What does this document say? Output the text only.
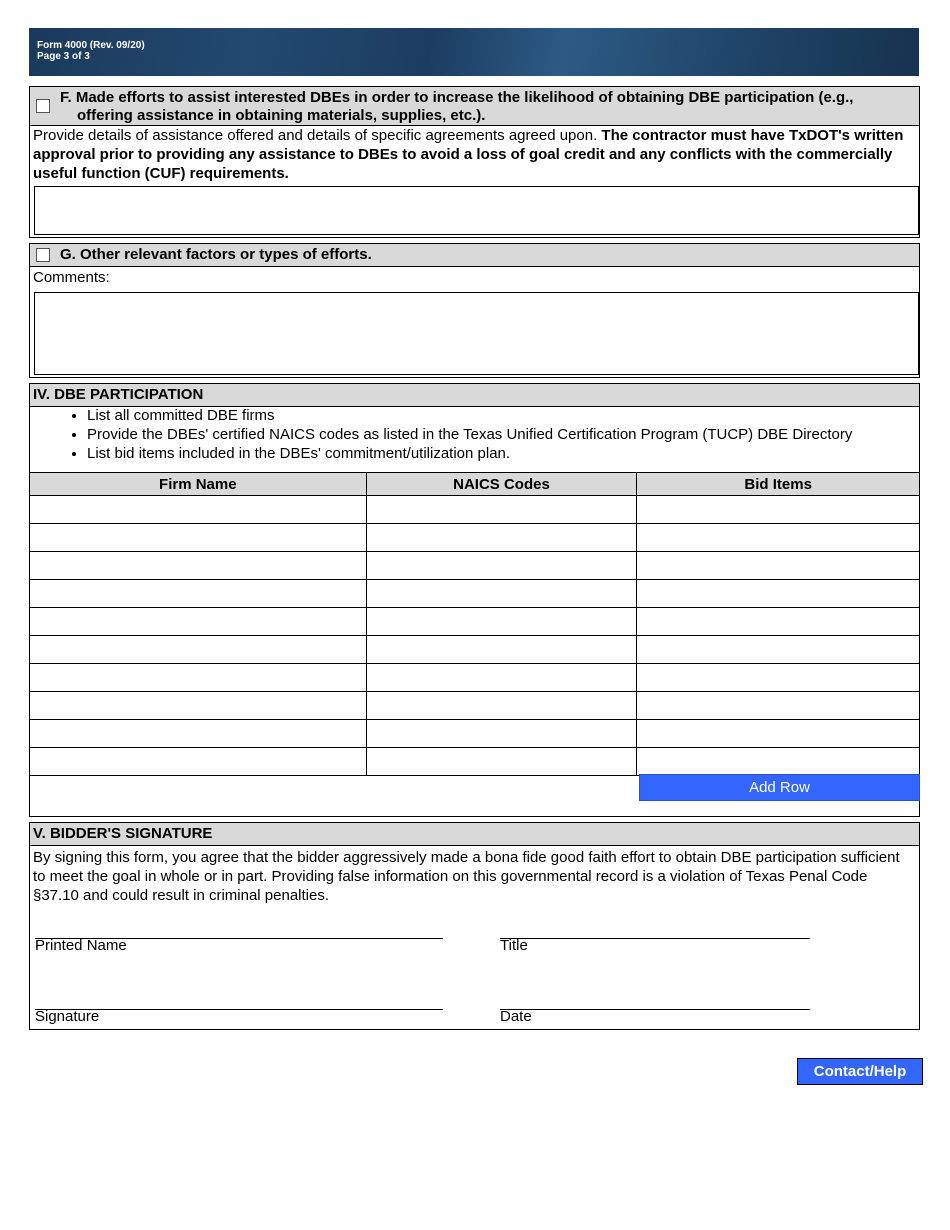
Form 4000 (Rev. 09/20)
Page 3 of 3
F. Made efforts to assist interested DBEs in order to increase the likelihood of obtaining DBE participation (e.g.,
offering assistance in obtaining materials, supplies, etc.).
Provide details of assistance offered and details of specific agreements agreed upon. The contractor must have TxDOT's written approval prior to providing any assistance to DBEs to avoid a loss of goal credit and any conflicts with the commercially useful function (CUF) requirements.
G. Other relevant factors or types of efforts.
Comments:
IV. DBE PARTICIPATION
• List all committed DBE firms
• Provide the DBEs' certified NAICS codes as listed in the Texas Unified Certification Program (TUCP) DBE Directory
• List bid items included in the DBEs' commitment/utilization plan.
Firm Name	NAICS Codes	Bid Items

Add Row
V. BIDDER'S SIGNATURE
By signing this form, you agree that the bidder aggressively made a bona fide good faith effort to obtain DBE participation sufficient to meet the goal in whole or in part. Providing false information on this governmental record is a violation of Texas Penal Code §37.10 and could result in criminal penalties.
Printed Name	Title
Signature	Date
Contact/Help
